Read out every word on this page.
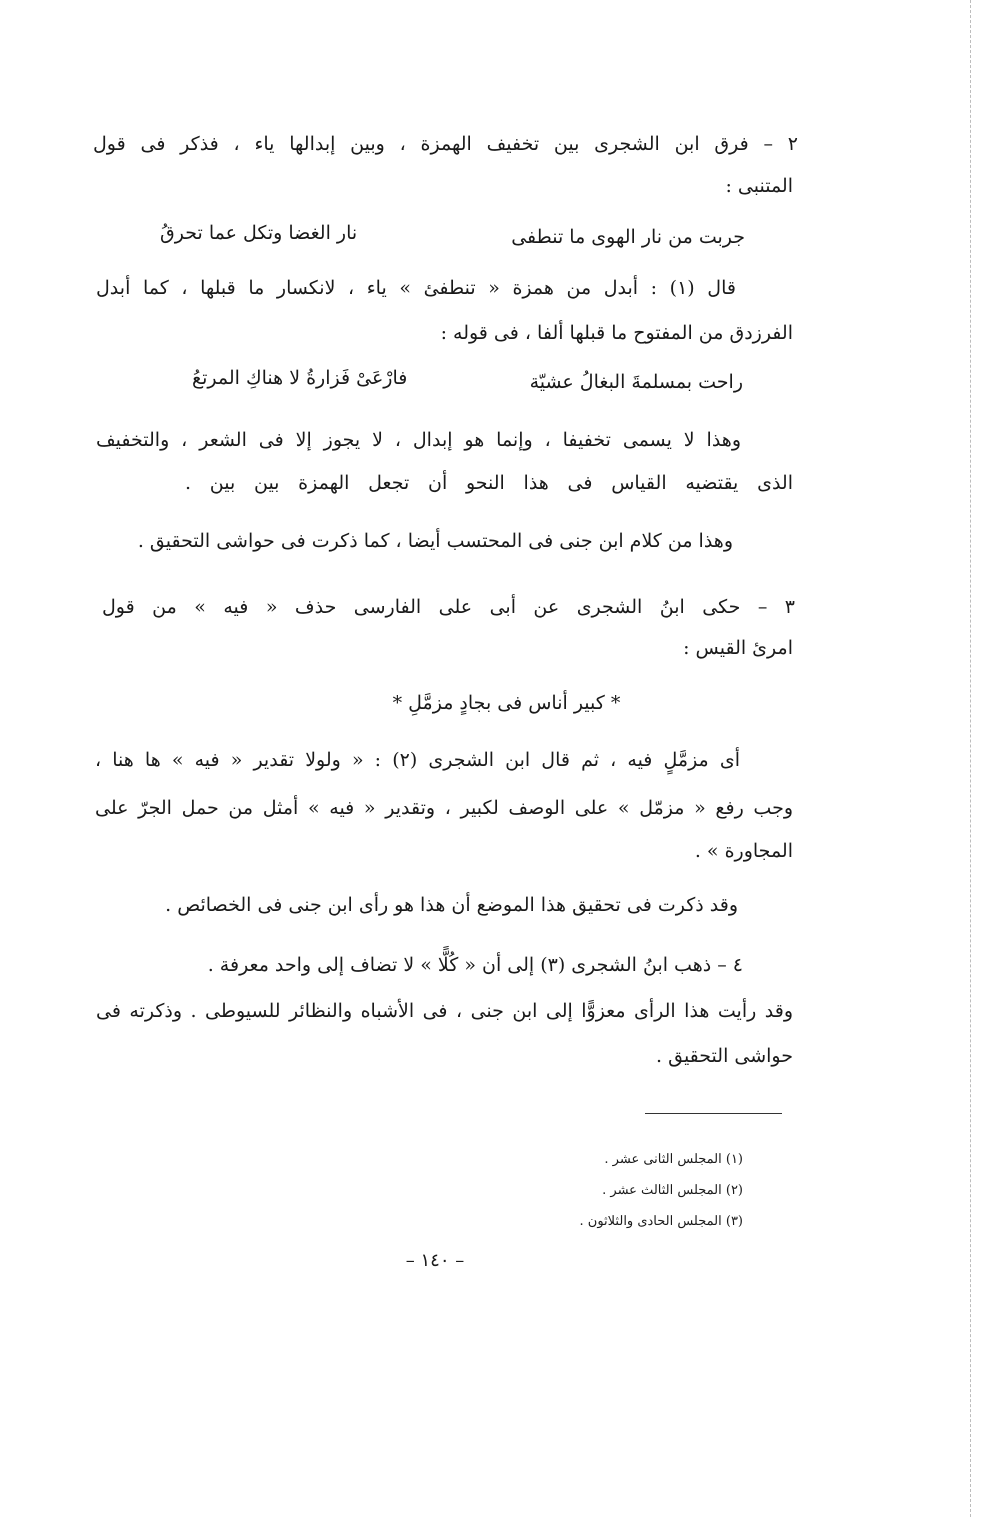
٢ – فرق ابن الشجرى بين تخفيف الهمزة ، وبين إبدالها ياء ، فذكر فى قول
المتنبى :
جربت من نار الهوى ما تنطفى
نار الغضا وتكل عما تحرقُ
قال (١) : أبدل من همزة « تنطفئ » ياء ، لانكسار ما قبلها ، كما أبدل
الفرزدق من المفتوح ما قبلها ألفا ، فى قوله :
راحت بمسلمةَ البغالُ عشيّة
فارْعَىْ فَزارةُ لا هناكِ المرتعُ
وهذا لا يسمى تخفيفا ، وإنما هو إبدال ، لا يجوز إلا فى الشعر ، والتخفيف
الذى يقتضيه القياس فى هذا النحو أن تجعل الهمزة بين بين .
وهذا من كلام ابن جنى فى المحتسب أيضا ، كما ذكرت فى حواشى التحقيق .
٣ – حكى ابنُ الشجرى عن أبى على الفارسى حذف « فيه » من قول
امرئ القيس :
* كبير أناس فى بجادٍ مزمَّلِ *
أى مزمَّلٍ فيه ، ثم قال ابن الشجرى (٢) : « ولولا تقدير « فيه » ها هنا ،
وجب رفع « مزمّل » على الوصف لكبير ، وتقدير « فيه » أمثل من حمل الجرّ على
المجاورة » .
وقد ذكرت فى تحقيق هذا الموضع أن هذا هو رأى ابن جنى فى الخصائص .
٤ – ذهب ابنُ الشجرى (٣) إلى أن « كُلًّا » لا تضاف إلى واحد معرفة .
وقد رأيت هذا الرأى معزوًّا إلى ابن جنى ، فى الأشباه والنظائر للسيوطى . وذكرته فى
حواشى التحقيق .
(١) المجلس الثانى عشر .
(٢) المجلس الثالث عشر .
(٣) المجلس الحادى والثلاثون .
– ١٤٠ –
